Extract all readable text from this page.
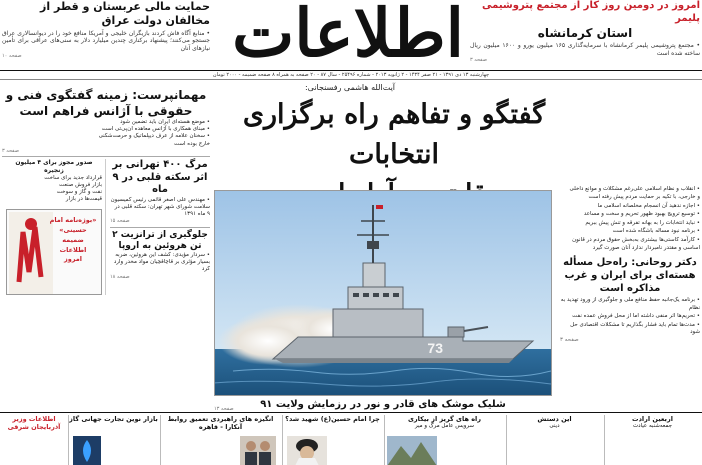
امروز در دومین روز کار از مجتمع پتروشیمی پلیمر
استان کرمانشاه
• مجتمع پتروشیمی پلیمر کرمانشاه با سرمایه‌گذاری ۱۶۵ میلیون یورو و ۱۶۰۰ میلیون ریال ساخته شده است
صفحه ۳
اطلاعات
حمایت مالی عربستان و قطر از مخالفان دولت عراق
• منابع آگاه فاش کردند بازیگران خلیجی و آمریکا منافع خود را در دیوانسالاری عراق جستجو می‌کنند؛ پیشنهاد برکناری چندین میلیارد دلار به سنی‌های عراقی برای تأمین نیازهای آنان
صفحه ۱۰
چهارشنبه ۱۳ دی ۱۳۹۱ - ۲۱ صفر ۱۴۳۴ - ۲ ژانویه ۲۰۱۳ - شماره ۲۵۴۹۶ - سال ۸۷ - ۲۰ صفحه به همراه ۸ صفحه ضمیمه - ۲۰۰۰ تومان
آیت‌الله هاشمی رفسنجانی:
گفتگو و تفاهم راه برگزاری انتخابات
73
شلیک موشک های قادر و نور در رزمایش ولایت ۹۱
صفحه ۱۳
• انقلاب و نظام اسلامی علی‌رغم مشکلات و موانع داخلی
و خارجی، با تکیه بر حمایت مردم پیش رفته است
• اجازه ندهید آن انسجام مخلصانه اسلامی ما
• توسیع ترویج بهبود ظهور تحریم و سخت و مساعد
• نباید انتخابات را به بهانه تفرقه و تنش پیش ببریم
• برنامه نبود مساله باشگاه شده است
• کارآمد کاستی‌ها بیشتری به‌بخش حقوق مردم در قانون
اساسی و مقتدر نامبردار ندارد آنان صورت گیرد
دکتر روحانی: راه‌حل مسأله هسته‌ای برای ایران و غرب مذاکره است
• برنامه یک‌جانبه حفظ منافع ملی و جلوگیری از ورود تهدید به نظام
• تحریم‌ها اثر منفی داشته اما از محل فروش عمده نفت
• مدت‌ها تمام باید فشار بگذاریم تا مشکلات اقتصادی حل شود
صفحه ۳
مهمانپرست: زمینه گفتگوی فنی و حقوقی با آژانس فراهم است
• موضع هسته‌ای ایران باید تضمین شود
• مبنای همکاری با آژانس معاهده ان‌پی‌تی است
• سخنان علامه از عرف دیپلماتیک و حرمت‌شکنی
خارج بوده است
صفحه ۳
مرگ ۴۰۰ تهرانی بر اثر سکته قلبی در ۹ ماه
• مهندس علی اصغر قائمی رئیس کمیسیون سلامت شورای شهر تهران: سکته قلبی در ۹ ماه ۱۳۹۱
صفحه ۱۵
جلوگیری از ترانزیت ۲ تن هروئین به اروپا
• سردار مؤیدی: کشف این هروئین، ضربه بسیار مؤثری بر قاچاقچیان مواد مخدر وارد کرد
صفحه ۱۸
صدور مجوز برای ۴ میلیون زنجیره
قرارداد جدید برای ساخت
بازار فروش صنعت
نفت و گاز و سوخت
قیمت‌ها در بازار
«بوژه‌نامه امام حسینی»
ضمیمه
اطلاعات
امروز
اربعین ارادت
جمعه‌شنبه عیادت
این دستش
دینی
راه های گریز از بیکاری
سرویس عامل مرگ و میر
چرا امام حسین(ع) شهید شد؟
انگیزه های راهبردی تعمیق روابط آنکارا - قاهره
بازار نوین تجارت جهانی گاز
اطلاعات وزیر آذربایجان شرقی
